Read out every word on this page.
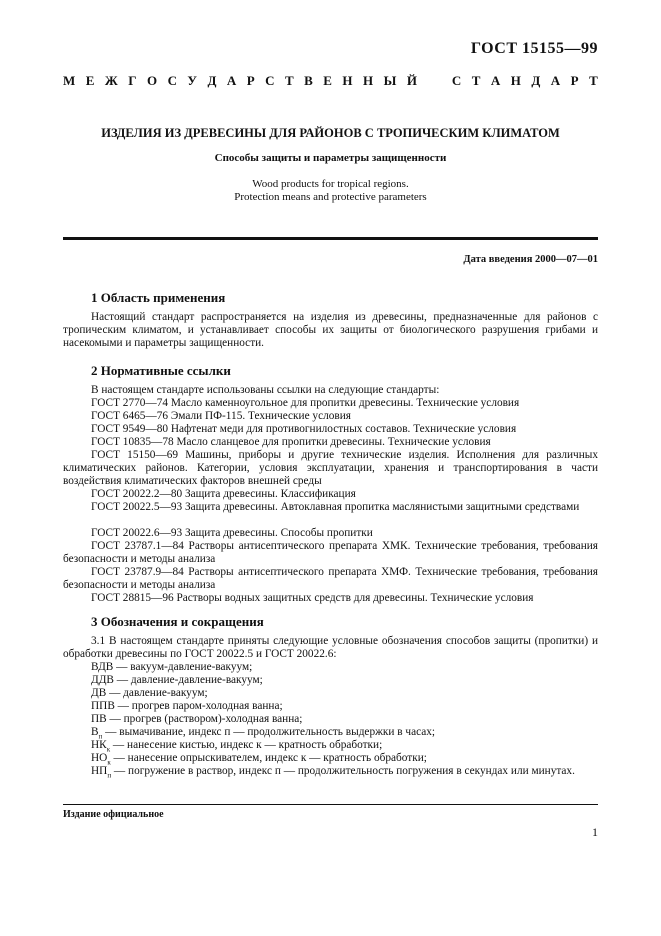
ГОСТ 15155—99
М Е Ж Г О С У Д А Р С Т В Е Н Н Ы Й	С Т А Н Д А Р Т
ИЗДЕЛИЯ ИЗ ДРЕВЕСИНЫ ДЛЯ РАЙОНОВ С ТРОПИЧЕСКИМ КЛИМАТОМ
Способы защиты и параметры защищенности
Wood products for tropical regions.
Protection means and protective parameters
Дата введения 2000—07—01
1 Область применения
Настоящий стандарт распространяется на изделия из древесины, предназначенные для районов с тропическим климатом, и устанавливает способы их защиты от биологического разрушения грибами и насекомыми и параметры защищенности.
2 Нормативные ссылки
В настоящем стандарте использованы ссылки на следующие стандарты:
ГОСТ 2770—74 Масло каменноугольное для пропитки древесины. Технические условия
ГОСТ 6465—76 Эмали ПФ-115. Технические условия
ГОСТ 9549—80 Нафтенат меди для противогнилостных составов. Технические условия
ГОСТ 10835—78 Масло сланцевое для пропитки древесины. Технические условия
ГОСТ 15150—69 Машины, приборы и другие технические изделия. Исполнения для различных климатических районов. Категории, условия эксплуатации, хранения и транспортирования в части воздействия климатических факторов внешней среды
ГОСТ 20022.2—80 Защита древесины. Классификация
ГОСТ 20022.5—93 Защита древесины. Автоклавная пропитка маслянистыми защитными средствами
ГОСТ 20022.6—93 Защита древесины. Способы пропитки
ГОСТ 23787.1—84 Растворы антисептического препарата ХМК. Технические требования, требования безопасности и методы анализа
ГОСТ 23787.9—84 Растворы антисептического препарата ХМФ. Технические требования, требования безопасности и методы анализа
ГОСТ 28815—96 Растворы водных защитных средств для древесины. Технические условия
3 Обозначения и сокращения
3.1 В настоящем стандарте приняты следующие условные обозначения способов защиты (пропитки) и обработки древесины по ГОСТ 20022.5 и ГОСТ 20022.6:
ВДВ — вакуум-давление-вакуум;
ДДВ — давление-давление-вакуум;
ДВ — давление-вакуум;
ППВ — прогрев паром-холодная ванна;
ПВ — прогрев (раствором)-холодная ванна;
$В_п$ — вымачивание, индекс п — продолжительность выдержки в часах;
$НК_к$ — нанесение кистью, индекс к — кратность обработки;
$НО_к$ — нанесение опрыскивателем, индекс к — кратность обработки;
$НП_п$ — погружение в раствор, индекс п — продолжительность погружения в секундах или минутах.
Издание официальное
1
